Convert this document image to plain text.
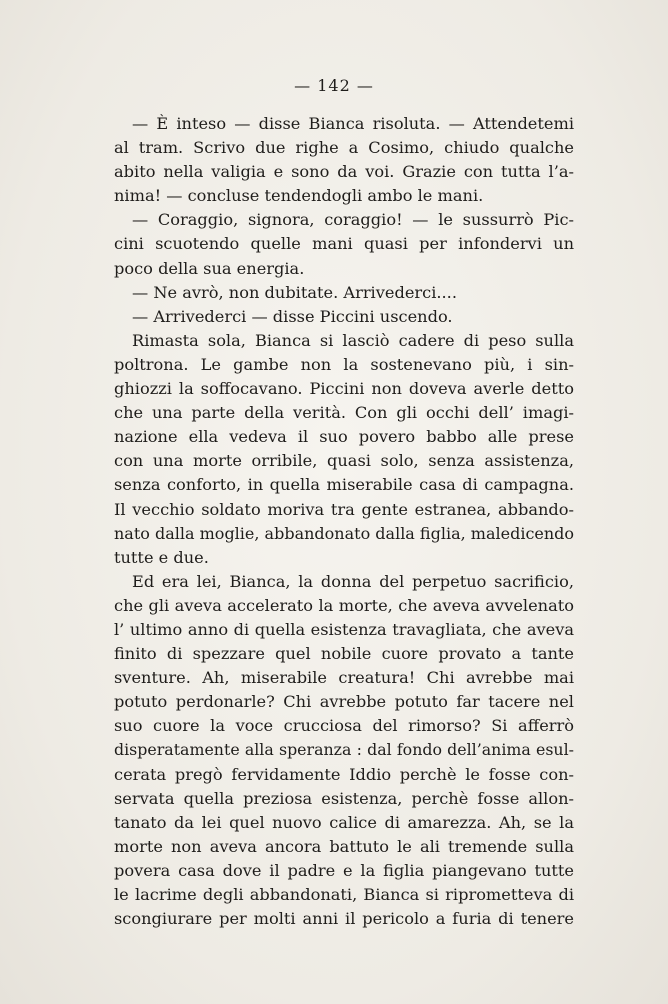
— 142 —
— È inteso — disse Bianca risoluta. — Attendetemi
al tram. Scrivo due righe a Cosimo, chiudo qualche
abito nella valigia e sono da voi. Grazie con tutta l’a-
nima! — concluse tendendogli ambo le mani.
— Coraggio, signora, coraggio! — le sussurrò Pic-
cini scuotendo quelle mani quasi per infondervi un
poco della sua energia.
— Ne avrò, non dubitate. Arrivederci....
— Arrivederci — disse Piccini uscendo.
Rimasta sola, Bianca si lasciò cadere di peso sulla
poltrona. Le gambe non la sostenevano più, i sin-
ghiozzi la soffocavano. Piccini non doveva averle detto
che una parte della verità. Con gli occhi dell’ imagi-
nazione ella vedeva il suo povero babbo alle prese
con una morte orribile, quasi solo, senza assistenza,
senza conforto, in quella miserabile casa di campagna.
Il vecchio soldato moriva tra gente estranea, abbando-
nato dalla moglie, abbandonato dalla figlia, maledicendo
tutte e due.
Ed era lei, Bianca, la donna del perpetuo sacrificio,
che gli aveva accelerato la morte, che aveva avvelenato
l’ ultimo anno di quella esistenza travagliata, che aveva
finito di spezzare quel nobile cuore provato a tante
sventure. Ah, miserabile creatura! Chi avrebbe mai
potuto perdonarle? Chi avrebbe potuto far tacere nel
suo cuore la voce crucciosa del rimorso? Si afferrò
disperatamente alla speranza : dal fondo dell’anima esul-
cerata pregò fervidamente Iddio perchè le fosse con-
servata quella preziosa esistenza, perchè fosse allon-
tanato da lei quel nuovo calice di amarezza. Ah, se la
morte non aveva ancora battuto le ali tremende sulla
povera casa dove il padre e la figlia piangevano tutte
le lacrime degli abbandonati, Bianca si riprometteva di
scongiurare per molti anni il pericolo a furia di tenere
